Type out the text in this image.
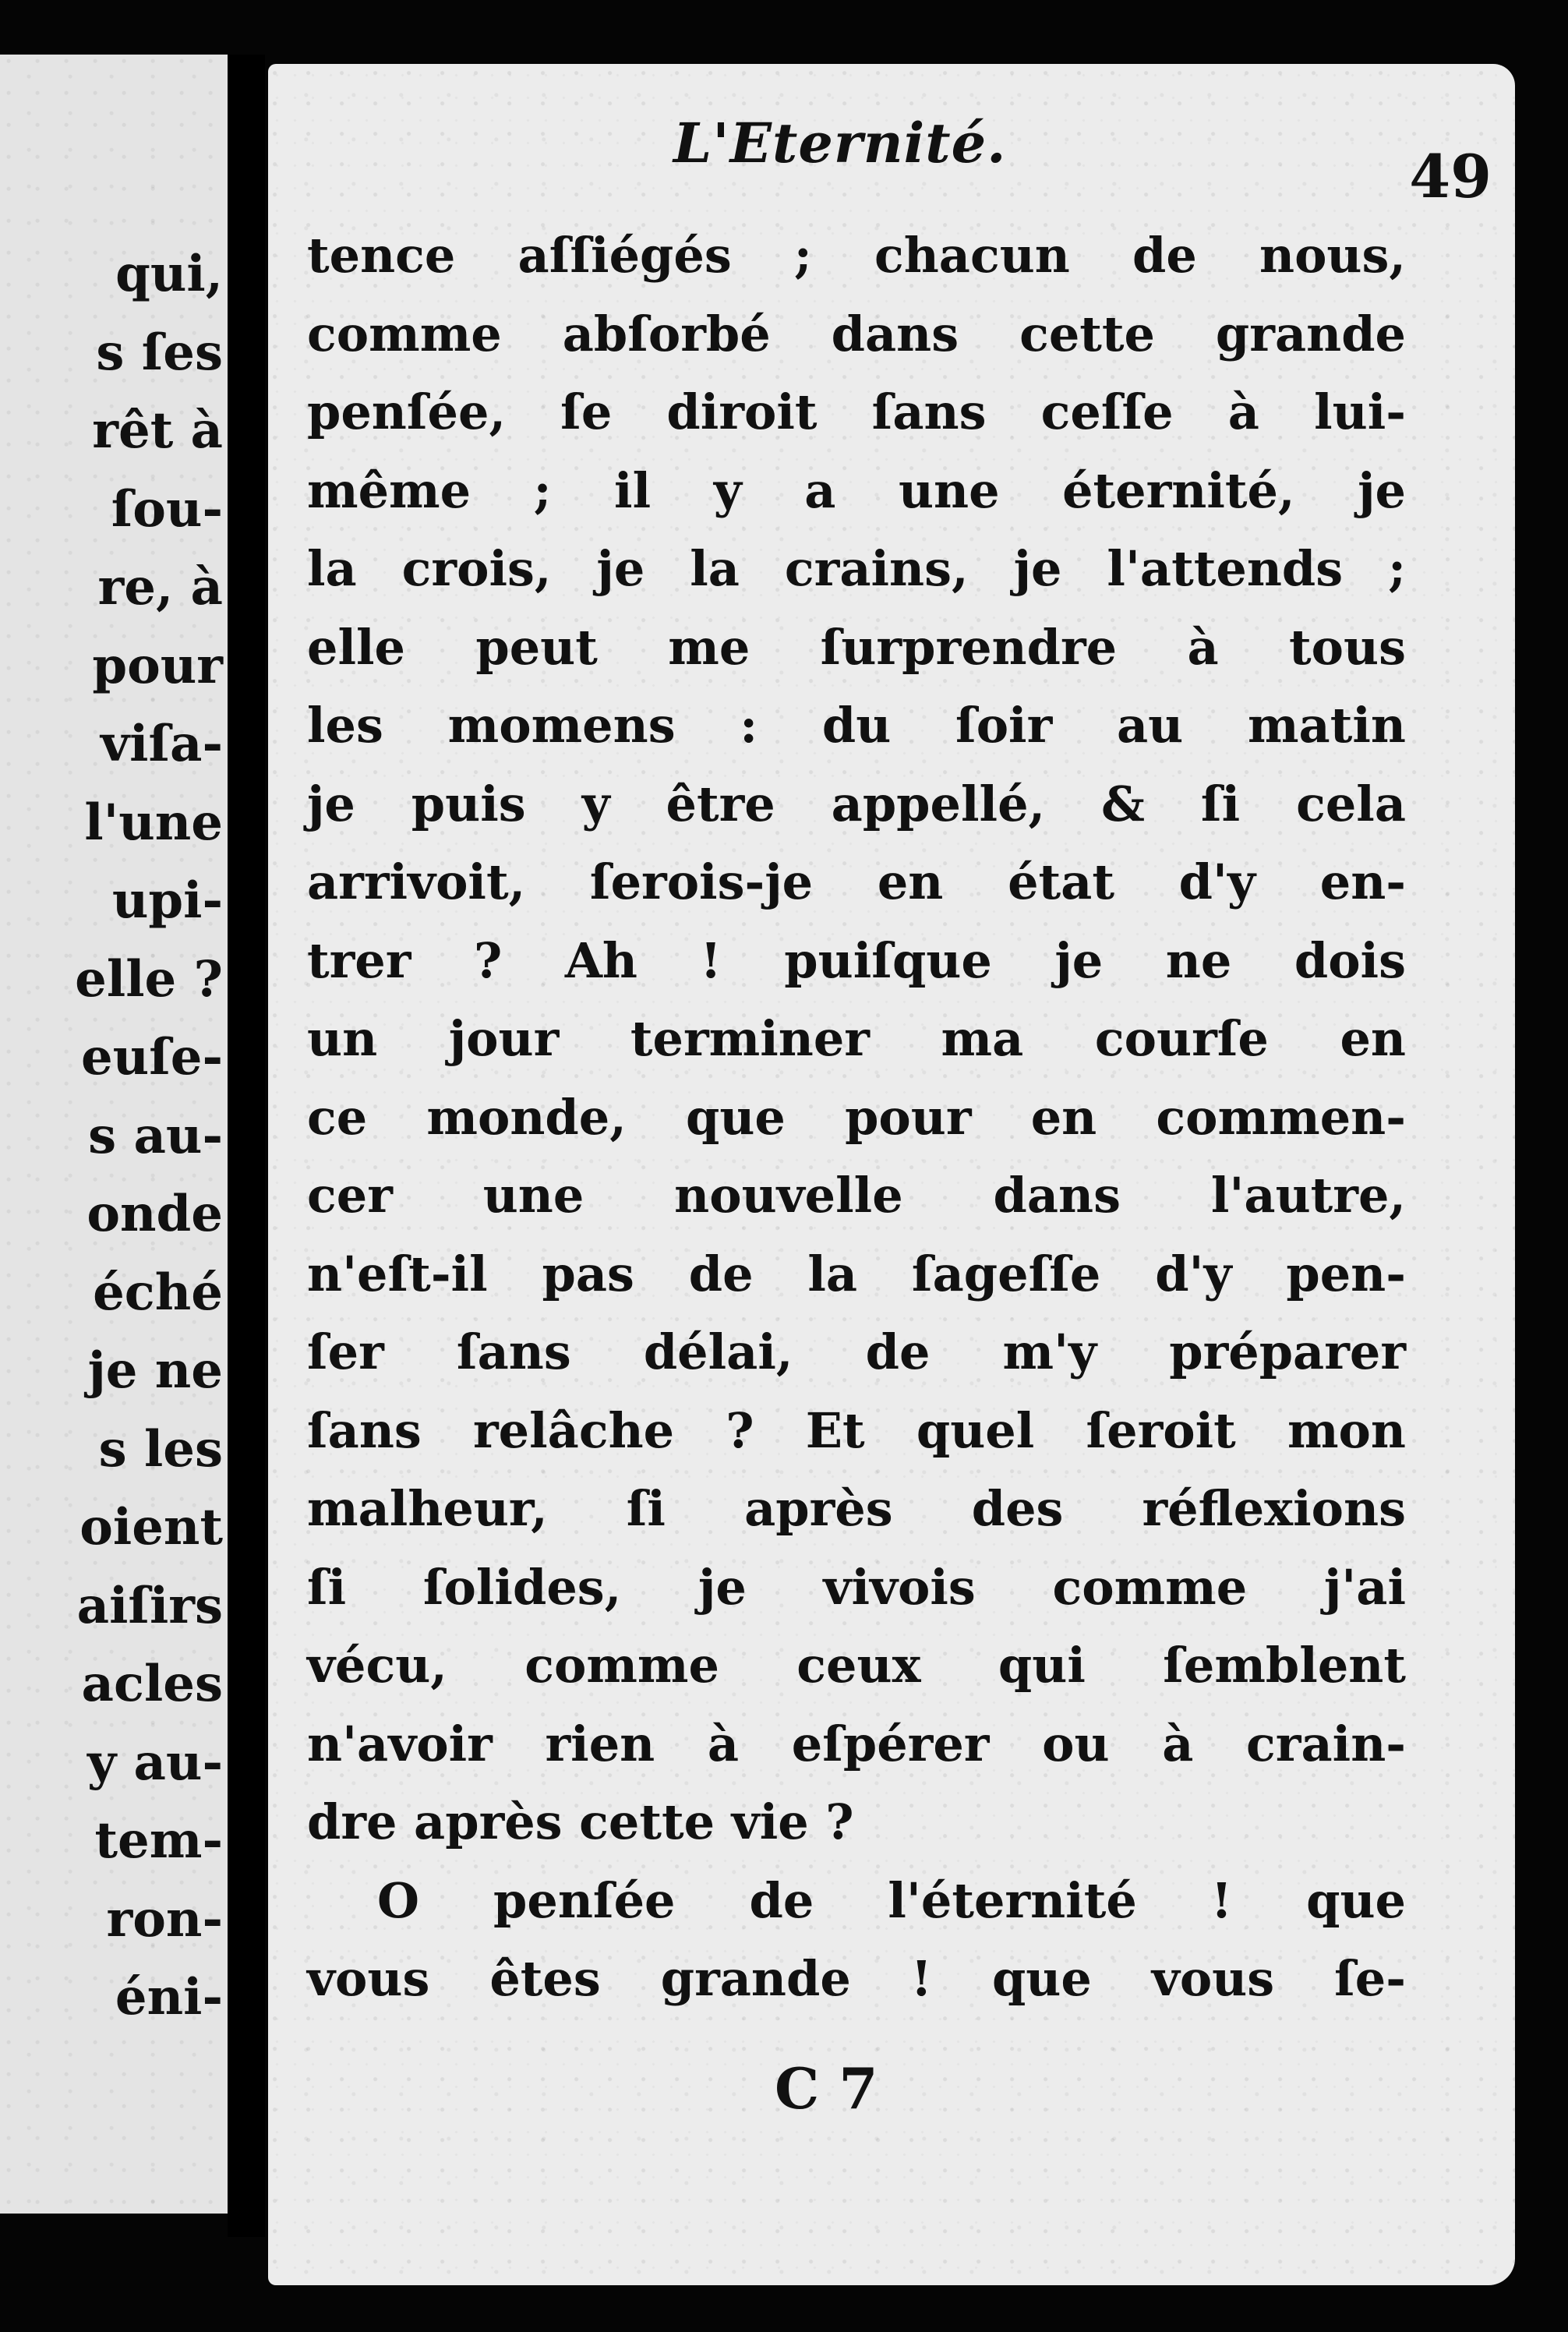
qui,
s ſes
rêt à
ſou-
re, à
pour
viſa-
l'une
upi-
elle ?
euſe-
s au-
onde
éché
je ne
s les
oient
aiſirs
acles
y au-
tem-
ron-
éni-
L'Eternité.	49
tence aſſiégés ; chacun de nous,
comme abſorbé dans cette grande
penſée, ſe diroit ſans ceſſe à lui-
même ; il y a une éternité, je
la crois, je la crains, je l'attends ;
elle peut me ſurprendre à tous
les momens : du ſoir au matin
je puis y être appellé, & ſi cela
arrivoit, ſerois-je en état d'y en-
trer ? Ah ! puiſque je ne dois
un jour terminer ma courſe en
ce monde, que pour en commen-
cer une nouvelle dans l'autre,
n'eſt-il pas de la ſageſſe d'y pen-
ſer ſans délai, de m'y préparer
ſans relâche ? Et quel ſeroit mon
malheur, ſi après des réflexions
ſi ſolides, je vivois comme j'ai
vécu, comme ceux qui ſemblent
n'avoir rien à eſpérer ou à crain-
dre après cette vie ?
O penſée de l'éternité ! que
vous êtes grande ! que vous ſe-
C 7
